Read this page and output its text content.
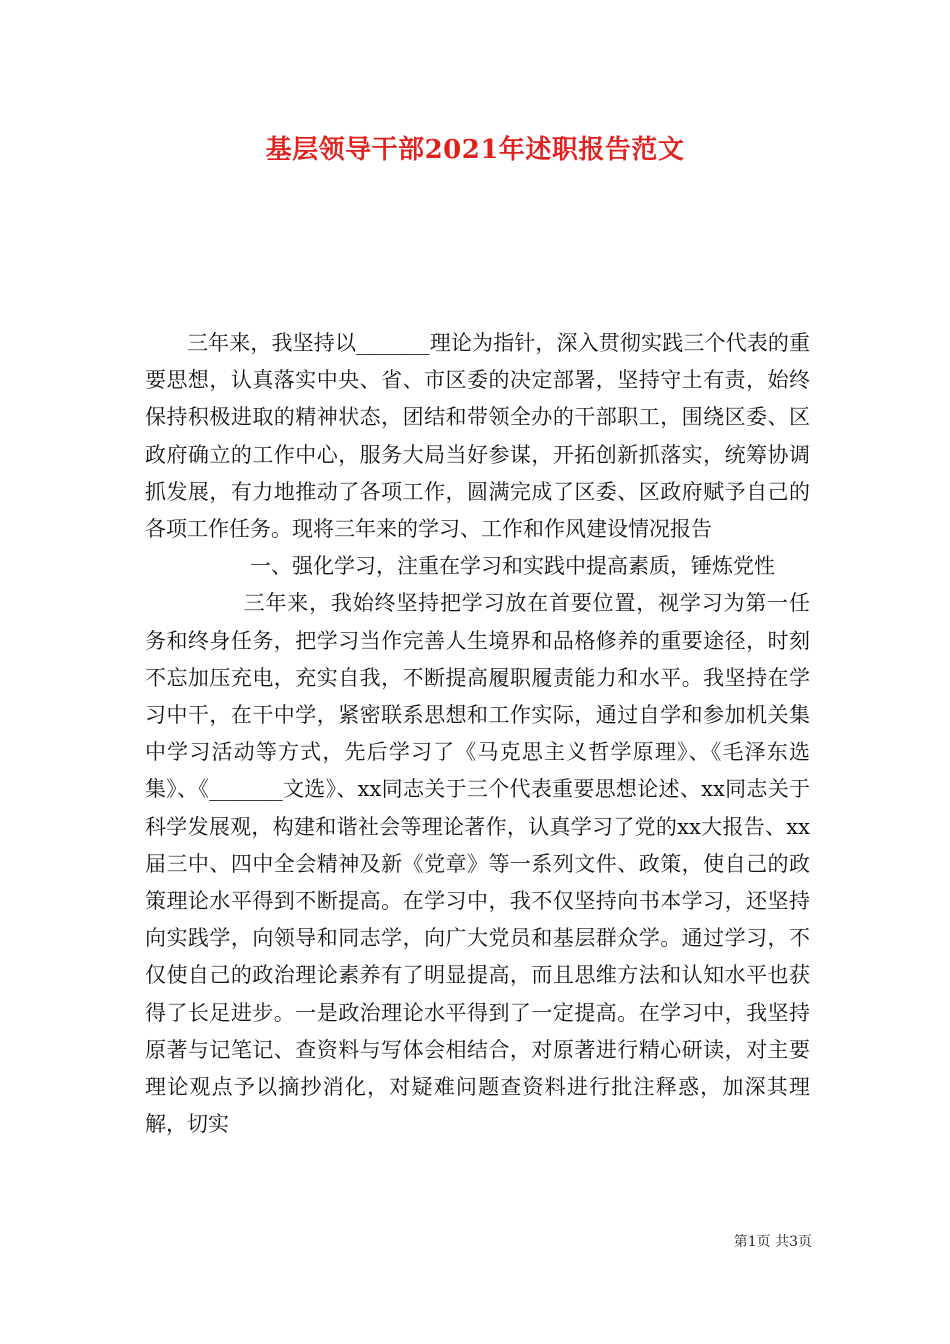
基层领导干部2021年述职报告范文

三年来，我坚持以_______理论为指针，深入贯彻实践三个代表的重要思想，认真落实中央、省、市区委的决定部署，坚持守土有责，始终保持积极进取的精神状态，团结和带领全办的干部职工，围绕区委、区政府确立的工作中心，服务大局当好参谋，开拓创新抓落实，统筹协调抓发展，有力地推动了各项工作，圆满完成了区委、区政府赋予自己的各项工作任务。现将三年来的学习、工作和作风建设情况报告

一、强化学习，注重在学习和实践中提高素质，锤炼党性

三年来，我始终坚持把学习放在首要位置，视学习为第一任务和终身任务，把学习当作完善人生境界和品格修养的重要途径，时刻不忘加压充电，充实自我，不断提高履职履责能力和水平。我坚持在学习中干，在干中学，紧密联系思想和工作实际，通过自学和参加机关集中学习活动等方式，先后学习了《马克思主义哲学原理》、《毛泽东选集》、《_______文选》、xx同志关于三个代表重要思想论述、xx同志关于科学发展观，构建和谐社会等理论著作，认真学习了党的xx大报告、xx届三中、四中全会精神及新《党章》等一系列文件、政策，使自己的政策理论水平得到不断提高。在学习中，我不仅坚持向书本学习，还坚持向实践学，向领导和同志学，向广大党员和基层群众学。通过学习，不仅使自己的政治理论素养有了明显提高，而且思维方法和认知水平也获得了长足进步。一是政治理论水平得到了一定提高。在学习中，我坚持原著与记笔记、查资料与写体会相结合，对原著进行精心研读，对主要理论观点予以摘抄消化，对疑难问题查资料进行批注释惑，加深其理解，切实

第1页 共3页
